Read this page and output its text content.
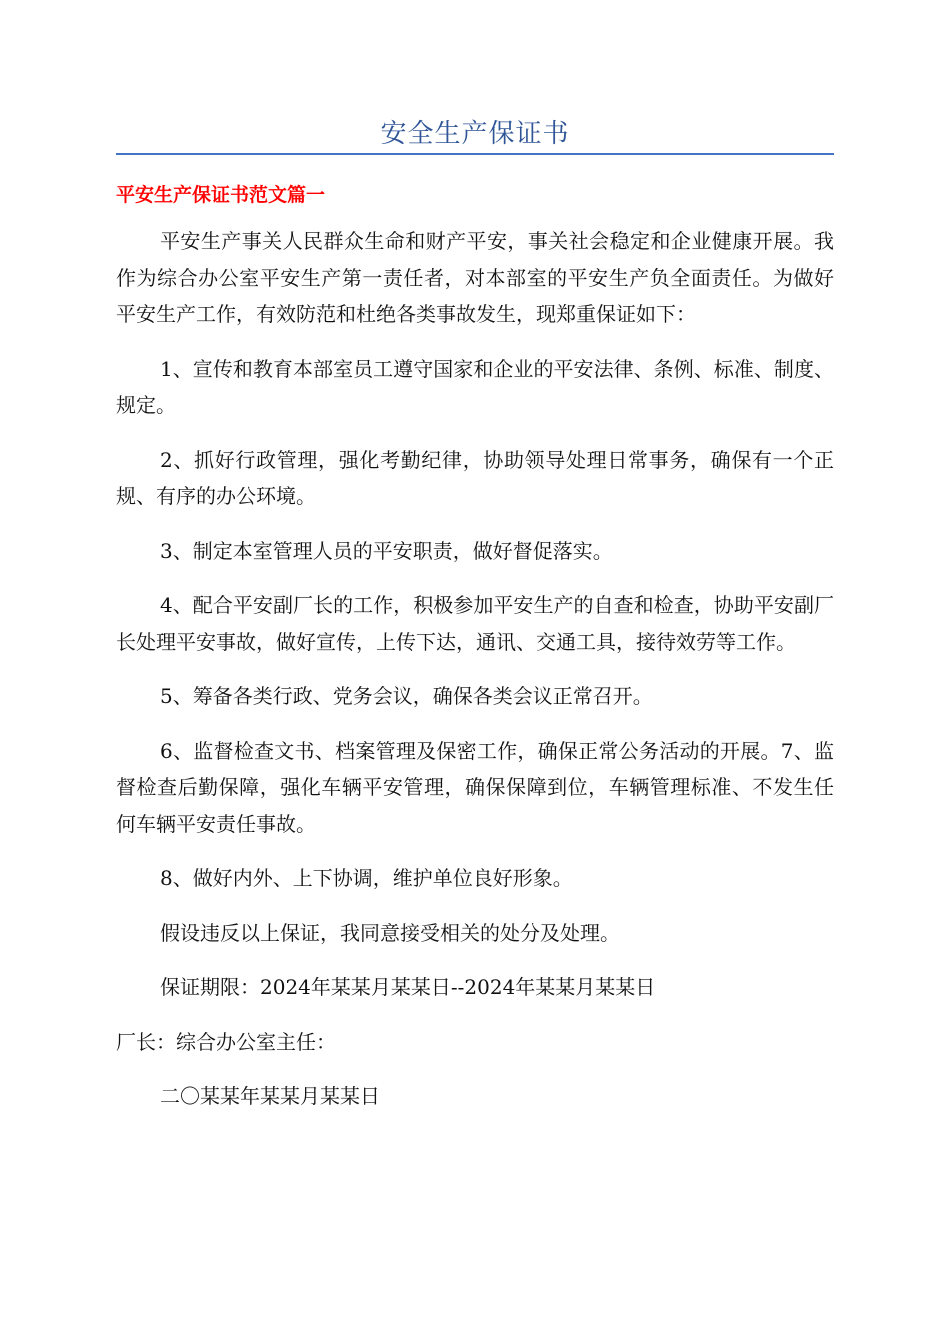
安全生产保证书
平安生产保证书范文篇一

平安生产事关人民群众生命和财产平安，事关社会稳定和企业健康开展。我作为综合办公室平安生产第一责任者，对本部室的平安生产负全面责任。为做好平安生产工作，有效防范和杜绝各类事故发生，现郑重保证如下：

1、宣传和教育本部室员工遵守国家和企业的平安法律、条例、标准、制度、规定。

2、抓好行政管理，强化考勤纪律，协助领导处理日常事务，确保有一个正规、有序的办公环境。

3、制定本室管理人员的平安职责，做好督促落实。

4、配合平安副厂长的工作，积极参加平安生产的自查和检查，协助平安副厂长处理平安事故，做好宣传，上传下达，通讯、交通工具，接待效劳等工作。

5、筹备各类行政、党务会议，确保各类会议正常召开。

6、监督检查文书、档案管理及保密工作，确保正常公务活动的开展。7、监督检查后勤保障，强化车辆平安管理，确保保障到位，车辆管理标准、不发生任何车辆平安责任事故。

8、做好内外、上下协调，维护单位良好形象。

假设违反以上保证，我同意接受相关的处分及处理。

保证期限：2024年某某月某某日--2024年某某月某某日

厂长：综合办公室主任：

二〇某某年某某月某某日
